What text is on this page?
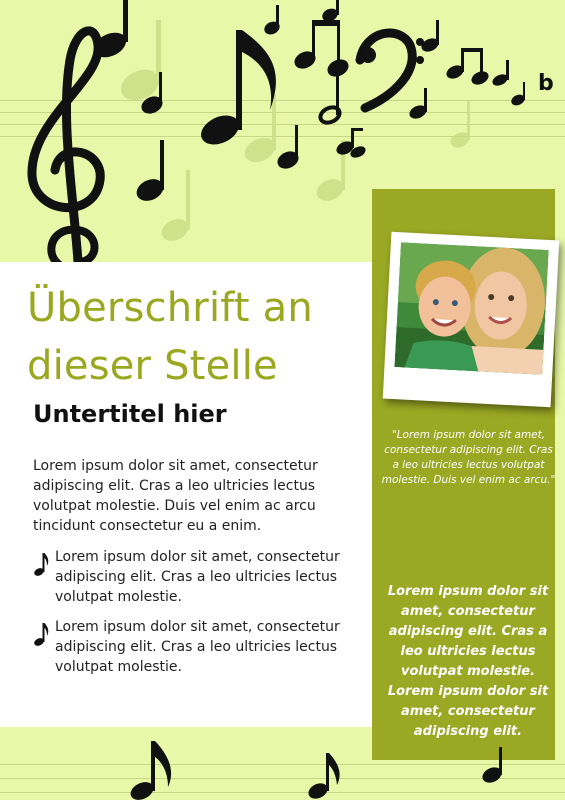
b
Überschrift an dieser Stelle
Untertitel hier
Lorem ipsum dolor sit amet, consectetur adipiscing elit. Cras a leo ultricies lectus volutpat molestie. Duis vel enim ac arcu tincidunt consectetur eu a enim.
Lorem ipsum dolor sit amet, consectetur adipiscing elit. Cras a leo ultricies lectus volutpat molestie.
Lorem ipsum dolor sit amet, consectetur adipiscing elit. Cras a leo ultricies lectus volutpat molestie.
"Lorem ipsum dolor sit amet, consectetur adipiscing elit. Cras a leo ultricies lectus volutpat molestie. Duis vel enim ac arcu."
Lorem ipsum dolor sit amet, consectetur adipiscing elit. Cras a leo ultricies lectus volutpat molestie. Lorem ipsum dolor sit amet, consectetur adipiscing elit.
